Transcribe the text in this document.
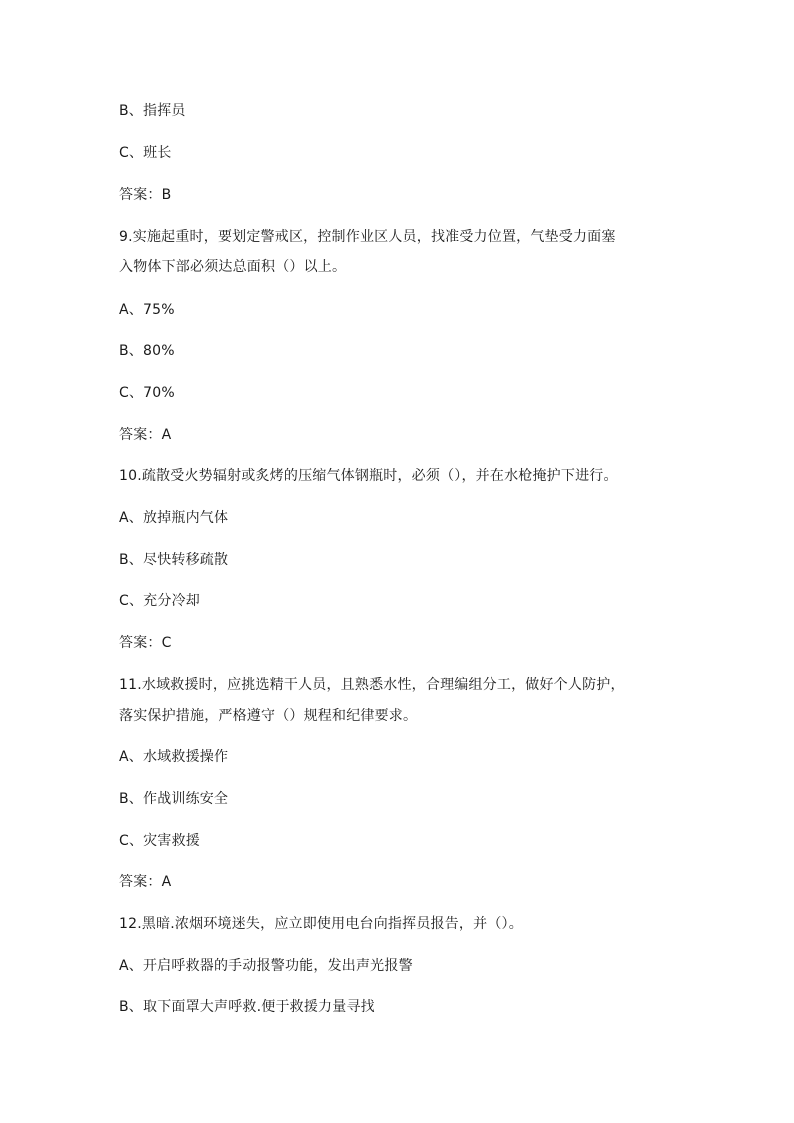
B、指挥员
C、班长
答案：B
9.实施起重时，要划定警戒区，控制作业区人员，找准受力位置，气垫受力面塞
入物体下部必须达总面积（）以上。
A、75%
B、80%
C、70%
答案：A
10.疏散受火势辐射或炙烤的压缩气体钢瓶时，必须（），并在水枪掩护下进行。
A、放掉瓶内气体
B、尽快转移疏散
C、充分冷却
答案：C
11.水域救援时，应挑选精干人员，且熟悉水性，合理编组分工，做好个人防护，
落实保护措施，严格遵守（）规程和纪律要求。
A、水域救援操作
B、作战训练安全
C、灾害救援
答案：A
12.黑暗.浓烟环境迷失，应立即使用电台向指挥员报告，并（）。
A、开启呼救器的手动报警功能，发出声光报警
B、取下面罩大声呼救.便于救援力量寻找
